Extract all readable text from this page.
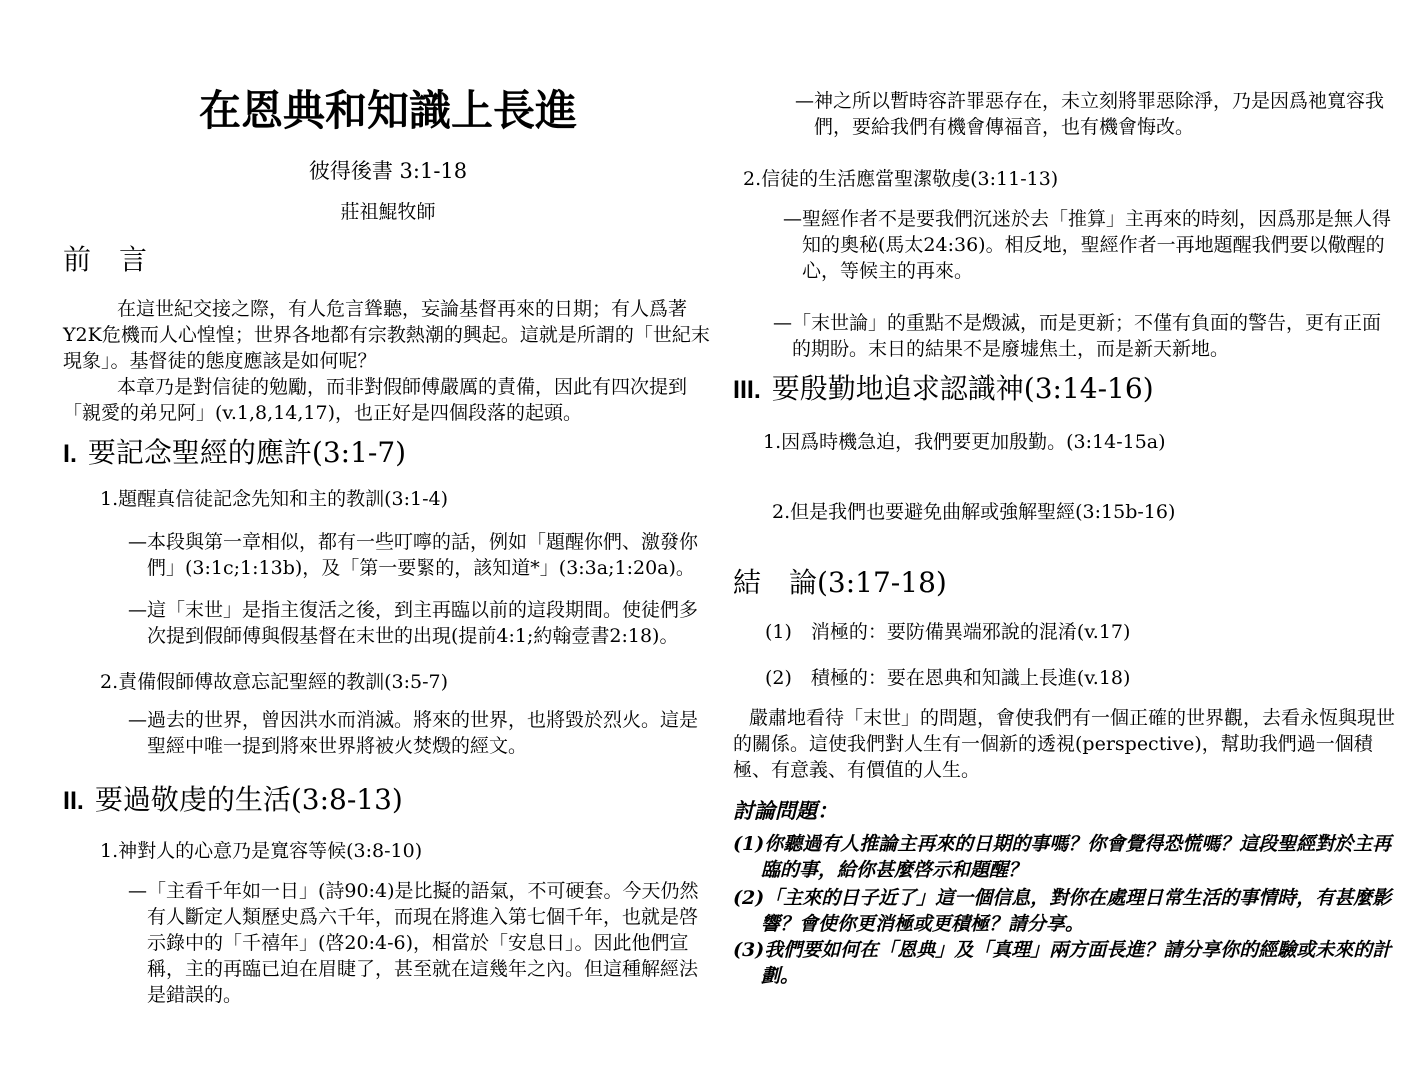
在恩典和知識上長進
彼得後書 3:1-18
莊祖鯤牧師
前　言

在這世紀交接之際，有人危言聳聽，妄論基督再來的日期；有人爲著Y2K危機而人心惶惶；世界各地都有宗教熱潮的興起。這就是所謂的「世紀末現象」。基督徒的態度應該是如何呢？

本章乃是對信徒的勉勵，而非對假師傅嚴厲的責備，因此有四次提到「親愛的弟兄阿」(v.1,8,14,17)，也正好是四個段落的起頭。

I. 要記念聖經的應許(3:1-7)

1.題醒真信徒記念先知和主的教訓(3:1-4)

—本段與第一章相似，都有一些叮嚀的話，例如「題醒你們、激發你們」(3:1c;1:13b)，及「第一要緊的，該知道*」(3:3a;1:20a)。

—這「末世」是指主復活之後，到主再臨以前的這段期間。使徒們多次提到假師傅與假基督在末世的出現(提前4:1;約翰壹書2:18)。

2.責備假師傅故意忘記聖經的教訓(3:5-7)

—過去的世界，曾因洪水而消滅。將來的世界，也將毀於烈火。這是聖經中唯一提到將來世界將被火焚燬的經文。

II. 要過敬虔的生活(3:8-13)

1.神對人的心意乃是寬容等候(3:8-10)

—「主看千年如一日」(詩90:4)是比擬的語氣，不可硬套。今天仍然有人斷定人類歷史爲六千年，而現在將進入第七個千年，也就是啓示錄中的「千禧年」(啓20:4-6)，相當於「安息日」。因此他們宣稱，主的再臨已迫在眉睫了，甚至就在這幾年之內。但這種解經法是錯誤的。

—神之所以暫時容許罪惡存在，未立刻將罪惡除淨，乃是因爲祂寬容我們，要給我們有機會傳福音，也有機會悔改。

2.信徒的生活應當聖潔敬虔(3:11-13)

—聖經作者不是要我們沉迷於去「推算」主再來的時刻，因爲那是無人得知的奧秘(馬太24:36)。相反地，聖經作者一再地題醒我們要以儆醒的心，等候主的再來。

—「末世論」的重點不是燬滅，而是更新；不僅有負面的警告，更有正面的期盼。末日的結果不是廢墟焦土，而是新天新地。

III. 要殷勤地追求認識神(3:14-16)

1.因爲時機急迫，我們要更加殷勤。(3:14-15a)

2.但是我們也要避免曲解或強解聖經(3:15b-16)

結　論(3:17-18)

(1)　消極的：要防備異端邪說的混淆(v.17)

(2)　積極的：要在恩典和知識上長進(v.18)

嚴肅地看待「末世」的問題，會使我們有一個正確的世界觀，去看永恆與現世的關係。這使我們對人生有一個新的透視(perspective)，幫助我們過一個積極、有意義、有價值的人生。

討論問題：

(1)你聽過有人推論主再來的日期的事嗎？你會覺得恐慌嗎？這段聖經對於主再臨的事，給你甚麼啓示和題醒？

(2)「主來的日子近了」這一個信息，對你在處理日常生活的事情時，有甚麼影響？會使你更消極或更積極？請分享。

(3)我們要如何在「恩典」及「真理」兩方面長進？請分享你的經驗或未來的計劃。
